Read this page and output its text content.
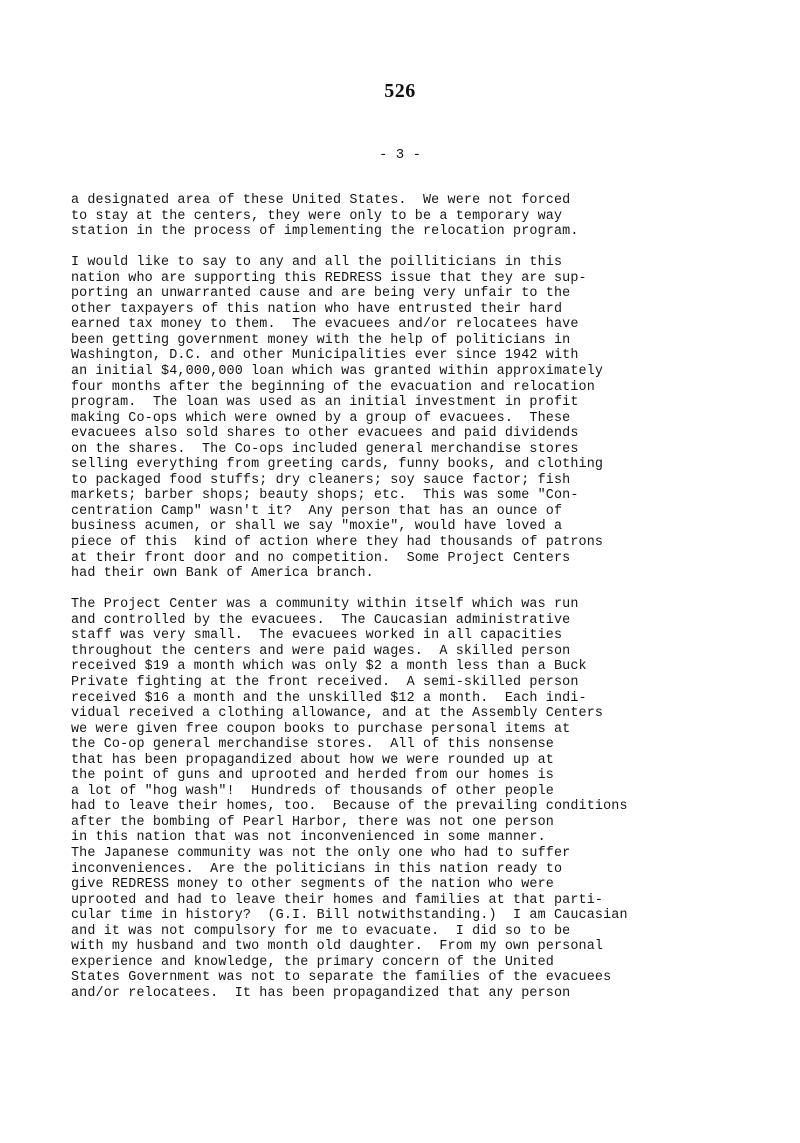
526
- 3 -
a designated area of these United States.  We were not forced
to stay at the centers, they were only to be a temporary way
station in the process of implementing the relocation program.
I would like to say to any and all the poilliticians in this
nation who are supporting this REDRESS issue that they are sup-
porting an unwarranted cause and are being very unfair to the
other taxpayers of this nation who have entrusted their hard
earned tax money to them.  The evacuees and/or relocatees have
been getting government money with the help of politicians in
Washington, D.C. and other Municipalities ever since 1942 with
an initial $4,000,000 loan which was granted within approximately
four months after the beginning of the evacuation and relocation
program.  The loan was used as an initial investment in profit
making Co-ops which were owned by a group of evacuees.  These
evacuees also sold shares to other evacuees and paid dividends
on the shares.  The Co-ops included general merchandise stores
selling everything from greeting cards, funny books, and clothing
to packaged food stuffs; dry cleaners; soy sauce factor; fish
markets; barber shops; beauty shops; etc.  This was some "Con-
centration Camp" wasn't it?  Any person that has an ounce of
business acumen, or shall we say "moxie", would have loved a
piece of this  kind of action where they had thousands of patrons
at their front door and no competition.  Some Project Centers
had their own Bank of America branch.
The Project Center was a community within itself which was run
and controlled by the evacuees.  The Caucasian administrative
staff was very small.  The evacuees worked in all capacities
throughout the centers and were paid wages.  A skilled person
received $19 a month which was only $2 a month less than a Buck
Private fighting at the front received.  A semi-skilled person
received $16 a month and the unskilled $12 a month.  Each indi-
vidual received a clothing allowance, and at the Assembly Centers
we were given free coupon books to purchase personal items at
the Co-op general merchandise stores.  All of this nonsense
that has been propagandized about how we were rounded up at
the point of guns and uprooted and herded from our homes is
a lot of "hog wash"!  Hundreds of thousands of other people
had to leave their homes, too.  Because of the prevailing conditions
after the bombing of Pearl Harbor, there was not one person
in this nation that was not inconvenienced in some manner.
The Japanese community was not the only one who had to suffer
inconveniences.  Are the politicians in this nation ready to
give REDRESS money to other segments of the nation who were
uprooted and had to leave their homes and families at that parti-
cular time in history?  (G.I. Bill notwithstanding.)  I am Caucasian
and it was not compulsory for me to evacuate.  I did so to be
with my husband and two month old daughter.  From my own personal
experience and knowledge, the primary concern of the United
States Government was not to separate the families of the evacuees
and/or relocatees.  It has been propagandized that any person
